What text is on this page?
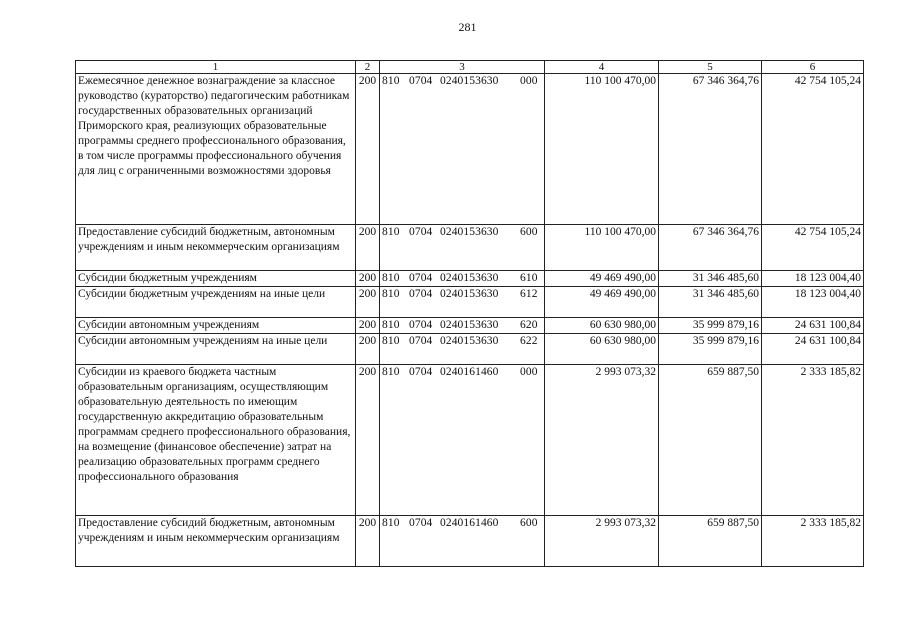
281
1	2	3	4	5	6
Ежемесячное денежное вознаграждение за классное руководство (кураторство) педагогическим работникам государственных образовательных организаций Приморского края, реализующих образовательные программы среднего профессионального образования, в том числе программы профессионального обучения для лиц с ограниченными возможностями здоровья	200	810 0704 0240153630 000	110 100 470,00	67 346 364,76	42 754 105,24
Предоставление субсидий бюджетным, автономным учреждениям и иным некоммерческим организациям	200	810 0704 0240153630 600	110 100 470,00	67 346 364,76	42 754 105,24
Субсидии бюджетным учреждениям	200	810 0704 0240153630 610	49 469 490,00	31 346 485,60	18 123 004,40
Субсидии бюджетным учреждениям на иные цели	200	810 0704 0240153630 612	49 469 490,00	31 346 485,60	18 123 004,40
Субсидии автономным учреждениям	200	810 0704 0240153630 620	60 630 980,00	35 999 879,16	24 631 100,84
Субсидии автономным учреждениям на иные цели	200	810 0704 0240153630 622	60 630 980,00	35 999 879,16	24 631 100,84
Субсидии из краевого бюджета частным образовательным организациям, осуществляющим образовательную деятельность по имеющим государственную аккредитацию образовательным программам среднего профессионального образования, на возмещение (финансовое обеспечение) затрат на реализацию образовательных программ среднего профессионального образования	200	810 0704 0240161460 000	2 993 073,32	659 887,50	2 333 185,82
Предоставление субсидий бюджетным, автономным учреждениям и иным некоммерческим организациям	200	810 0704 0240161460 600	2 993 073,32	659 887,50	2 333 185,82
